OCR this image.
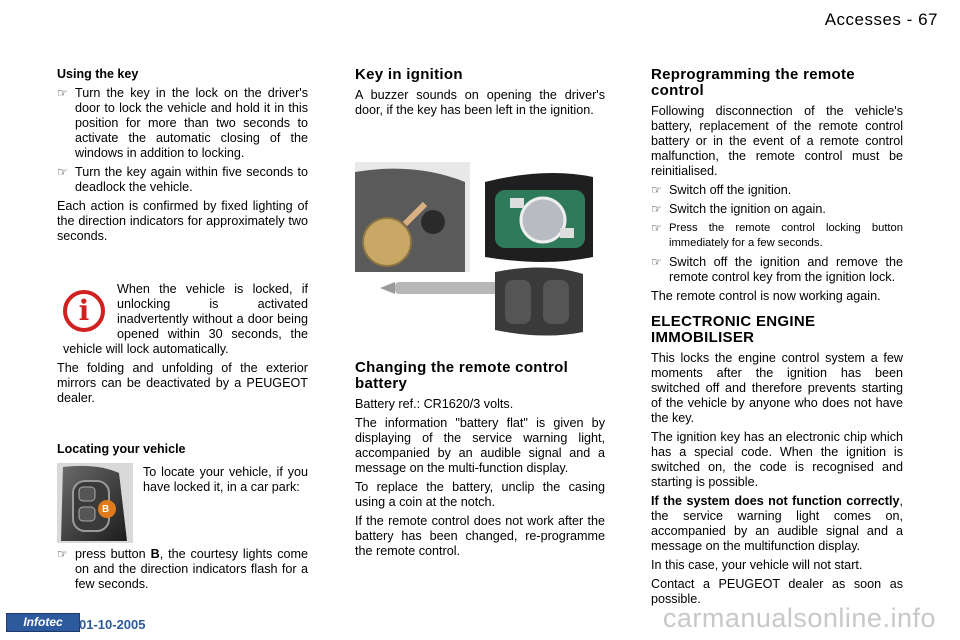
Accesses - 67
Using the key
☞ Turn the key in the lock on the driver's door to lock the vehicle and hold it in this position for more than two seconds to activate the automatic closing of the windows in addition to locking.
☞ Turn the key again within five seconds to deadlock the vehicle.

Each action is confirmed by fixed lighting of the direction indicators for approximately two seconds.

i

When the vehicle is locked, if unlocking is activated inadvertently without a door being opened within 30 seconds, the vehicle will lock automatically.

The folding and unfolding of the exterior mirrors can be deactivated by a PEUGEOT dealer.

Locating your vehicle
B

To locate your vehicle, if you have locked it, in a car park:

☞ press button B, the courtesy lights come on and the direction indicators flash for a few seconds.
Key in ignition

A buzzer sounds on opening the driver's door, if the key has been left in the ignition.

Changing the remote control battery

Battery ref.: CR1620/3 volts.

The information "battery flat" is given by displaying of the service warning light, accompanied by an audible signal and a message on the multi-function display.

To replace the battery, unclip the casing using a coin at the notch.

If the remote control does not work after the battery has been changed, re-programme the remote control.

Reprogramming the remote control

Following disconnection of the vehicle's battery, replacement of the remote control battery or in the event of a remote control malfunction, the remote control must be reinitialised.

☞ Switch off the ignition.
☞ Switch the ignition on again.
☞ Press the remote control locking button immediately for a few seconds.
☞ Switch off the ignition and remove the remote control key from the ignition lock.

The remote control is now working again.

ELECTRONIC ENGINE IMMOBILISER

This locks the engine control system a few moments after the ignition has been switched off and therefore prevents starting of the vehicle by anyone who does not have the key.

The ignition key has an electronic chip which has a special code. When the ignition is switched on, the code is recognised and starting is possible.

If the system does not function correctly, the service warning light comes on, accompanied by an audible signal and a message on the multifunction display.

In this case, your vehicle will not start.

Contact a PEUGEOT dealer as soon as possible.

Infotec	01-10-2005	carmanualsonline.info
